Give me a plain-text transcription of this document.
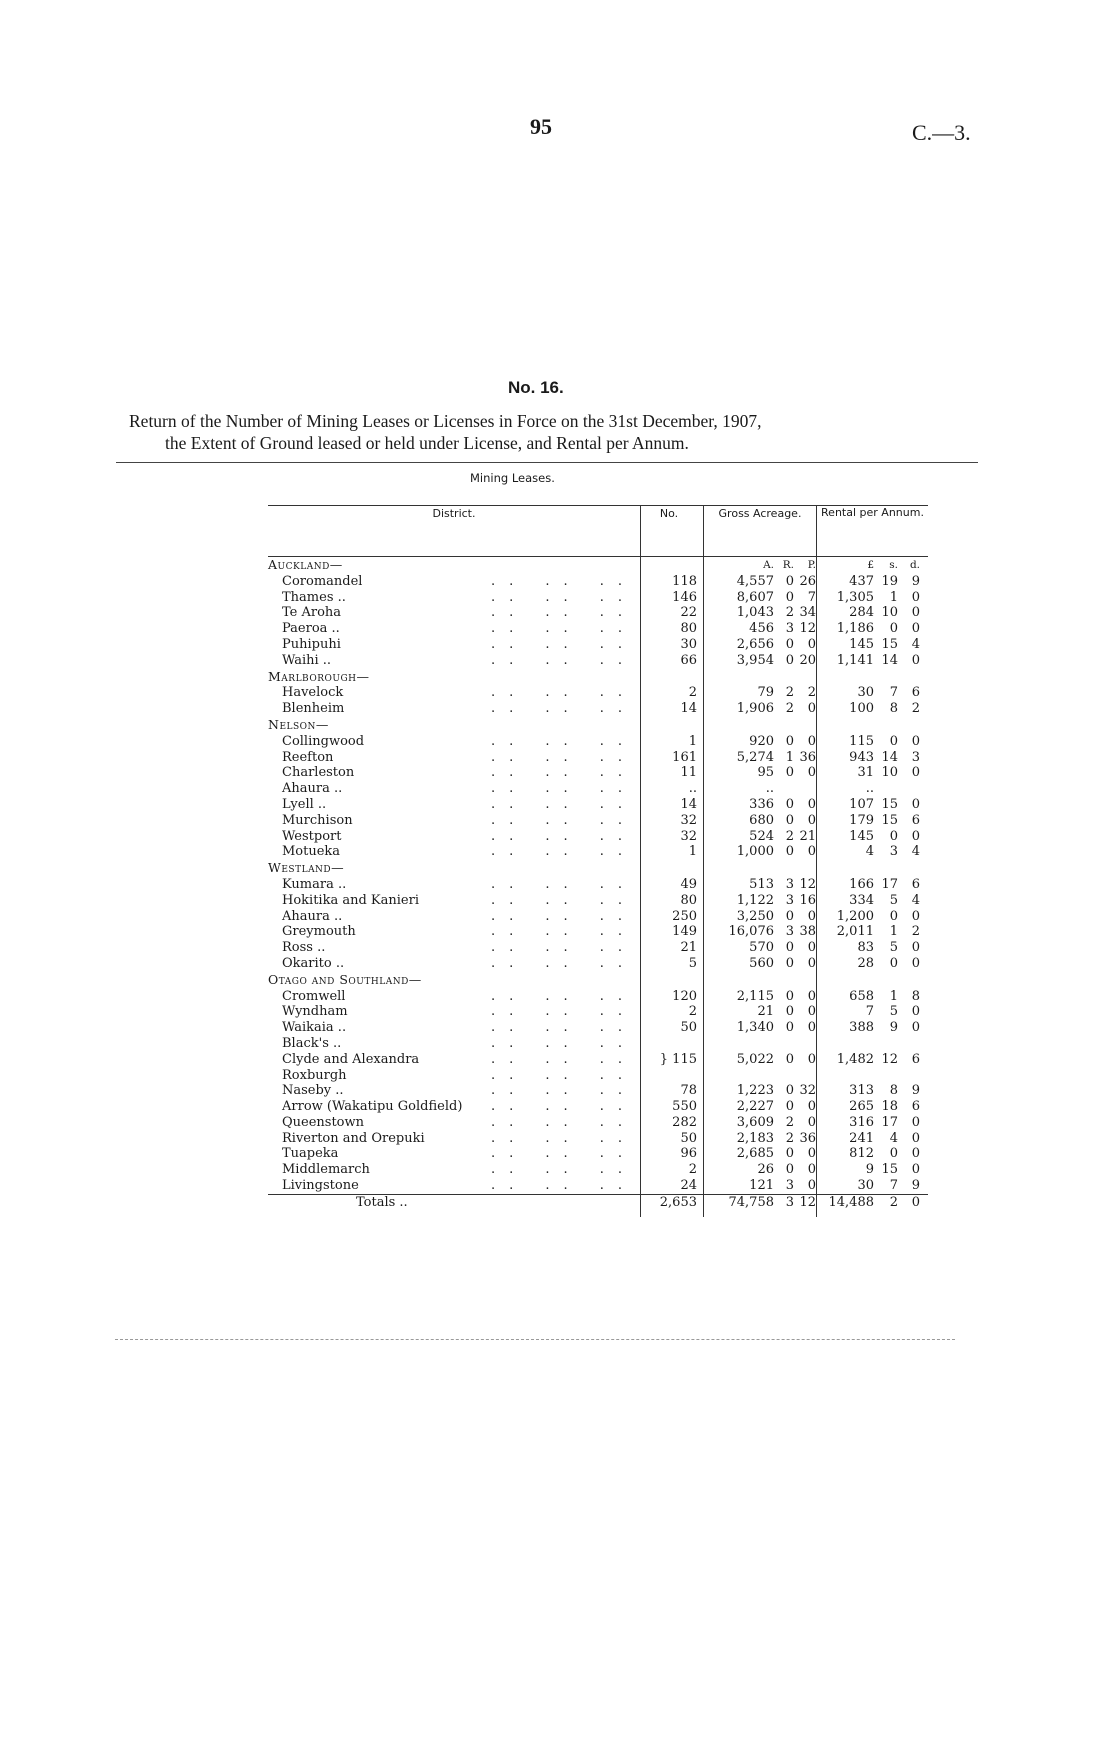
95	C.—3.
No. 16.
Return of the Number of Mining Leases or Licenses in Force on the 31st December, 1907,
the Extent of Ground leased or held under License, and Rental per Annum.
Mining Leases.
District.	No.	Gross Acreage.			Rental per Annum.			
Auckland—		A.	R.	P.	£	s.	d.	
Coromandel .. .. ..	118	4,557	0	26	437	19	9	
Thames .. .. .. ..	146	8,607	0	7	1,305	1	0	
Te Aroha .. .. ..	22	1,043	2	34	284	10	0	
Paeroa .. .. .. ..	80	456	3	12	1,186	0	0	
Puhipuhi .. .. ..	30	2,656	0	0	145	15	4	
Waihi .. .. .. ..	66	3,954	0	20	1,141	14	0	
Marlborough—								
Havelock .. .. ..	2	79	2	2	30	7	6	
Blenheim .. .. ..	14	1,906	2	0	100	8	2	
Nelson—								
Collingwood .. .. ..	1	920	0	0	115	0	0	
Reefton .. .. ..	161	5,274	1	36	943	14	3	
Charleston .. .. ..	11	95	0	0	31	10	0	
Ahaura .. .. .. ..	..	..			..			
Lyell .. .. .. ..	14	336	0	0	107	15	0	
Murchison .. .. ..	32	680	0	0	179	15	6	
Westport .. .. ..	32	524	2	21	145	0	0	
Motueka .. .. ..	1	1,000	0	0	4	3	4	
Westland—								
Kumara .. .. .. ..	49	513	3	12	166	17	6	
Hokitika and Kanieri .. .. ..	80	1,122	3	16	334	5	4	
Ahaura .. .. .. ..	250	3,250	0	0	1,200	0	0	
Greymouth .. .. ..	149	16,076	3	38	2,011	1	2	
Ross .. .. .. ..	21	570	0	0	83	5	0	
Okarito .. .. .. ..	5	560	0	0	28	0	0	
Otago and Southland—								
Cromwell .. .. ..	120	2,115	0	0	658	1	8	
Wyndham .. .. ..	2	21	0	0	7	5	0	
Waikaia .. .. .. ..	50	1,340	0	0	388	9	0	
Black's .. .. .. ..								

Clyde and Alexandra .. .. ..	} 115	5,022	0	0	1,482	12	6	
Roxburgh .. .. ..								

Naseby .. .. .. ..	78	1,223	0	32	313	8	9	
Arrow (Wakatipu Goldfield) .. .. ..	550	2,227	0	0	265	18	6	
Queenstown .. .. ..	282	3,609	2	0	316	17	0	
Riverton and Orepuki .. .. ..	50	2,183	2	36	241	4	0	
Tuapeka .. .. ..	96	2,685	0	0	812	0	0	
Middlemarch .. .. ..	2	26	0	0	9	15	0	
Livingstone .. .. ..	24	121	3	0	30	7	9	
Totals ..	2,653	74,758	3	12	14,488	2	0	
